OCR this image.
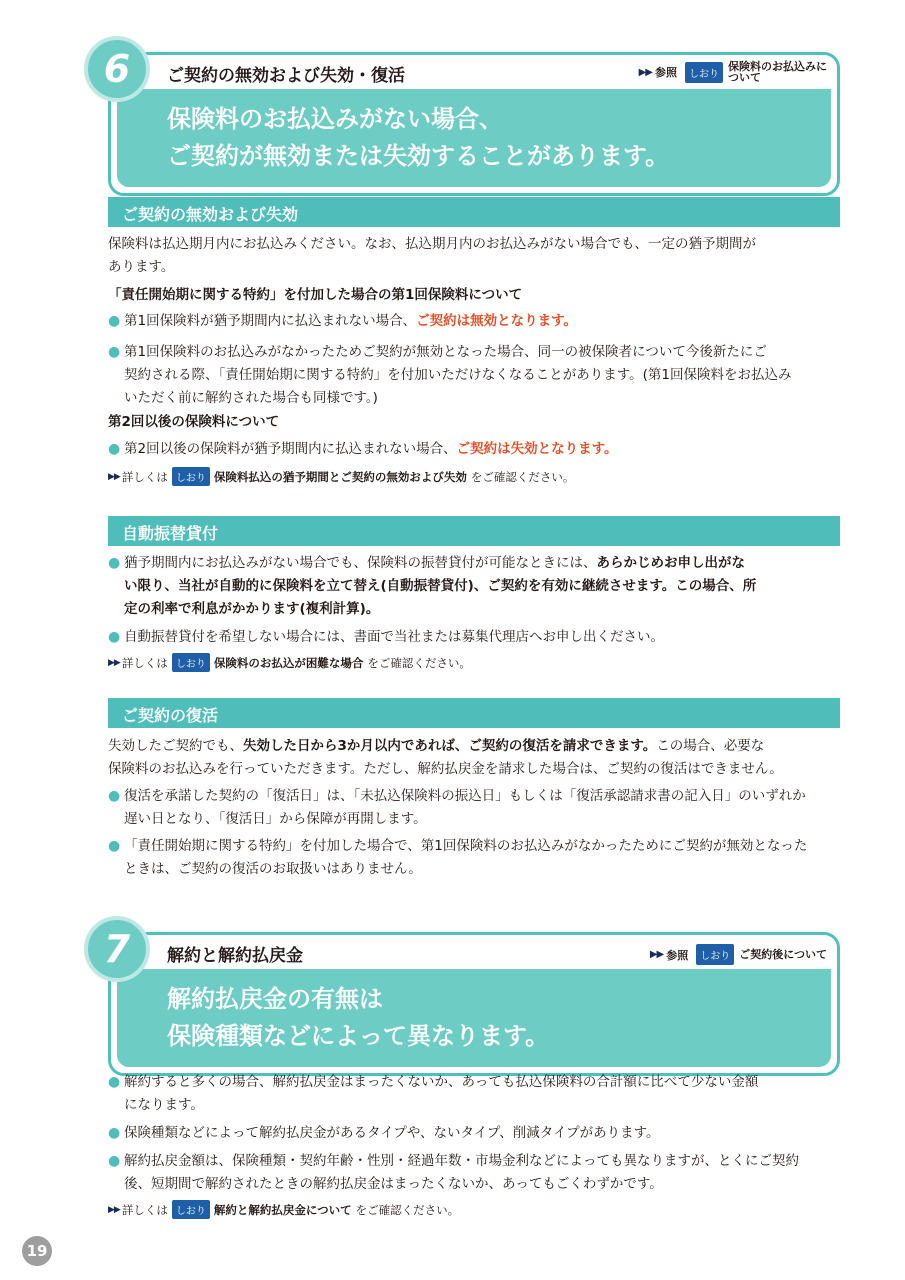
ご契約の無効および失効・復活	▶▶ 参照	しおり
保険料のお払込みに
ついて
保険料のお払込みがない場合、
ご契約が無効または失効することがあります。
6
ご契約の無効および失効
保険料は払込期月内にお払込みください。なお、払込期月内のお払込みがない場合でも、一定の猶予期間が
あります。
「責任開始期に関する特約」を付加した場合の第1回保険料について
● 第1回保険料が猶予期間内に払込まれない場合、ご契約は無効となります。
● 第1回保険料のお払込みがなかったためご契約が無効となった場合、同一の被保険者について今後新たにご
契約される際、「責任開始期に関する特約」を付加いただけなくなることがあります。(第1回保険料をお払込み
いただく前に解約された場合も同様です。)
第2回以後の保険料について
● 第2回以後の保険料が猶予期間内に払込まれない場合、ご契約は失効となります。
▶▶ 詳しくは しおり 保険料払込の猶予期間とご契約の無効および失効 をご確認ください。
自動振替貸付
● 猶予期間内にお払込みがない場合でも、保険料の振替貸付が可能なときには、あらかじめお申し出がな
い限り、当社が自動的に保険料を立て替え(自動振替貸付)、ご契約を有効に継続させます。この場合、所
定の利率で利息がかかります(複利計算)。
● 自動振替貸付を希望しない場合には、書面で当社または募集代理店へお申し出ください。
▶▶ 詳しくは しおり 保険料のお払込が困難な場合 をご確認ください。
ご契約の復活
失効したご契約でも、失効した日から3か月以内であれば、ご契約の復活を請求できます。この場合、必要な
保険料のお払込みを行っていただきます。ただし、解約払戻金を請求した場合は、ご契約の復活はできません。
● 復活を承諾した契約の「復活日」は、「未払込保険料の振込日」もしくは「復活承認請求書の記入日」のいずれか
遅い日となり、「復活日」から保障が再開します。
● 「責任開始期に関する特約」を付加した場合で、第1回保険料のお払込みがなかったためにご契約が無効となった
ときは、ご契約の復活のお取扱いはありません。
解約と解約払戻金	▶▶ 参照	しおり ご契約後について
解約払戻金の有無は
保険種類などによって異なります。
7
● 解約すると多くの場合、解約払戻金はまったくないか、あっても払込保険料の合計額に比べて少ない金額
になります。
● 保険種類などによって解約払戻金があるタイプや、ないタイプ、削減タイプがあります。
● 解約払戻金額は、保険種類・契約年齢・性別・経過年数・市場金利などによっても異なりますが、とくにご契約
後、短期間で解約されたときの解約払戻金はまったくないか、あってもごくわずかです。
▶▶ 詳しくは しおり 解約と解約払戻金について をご確認ください。
19
